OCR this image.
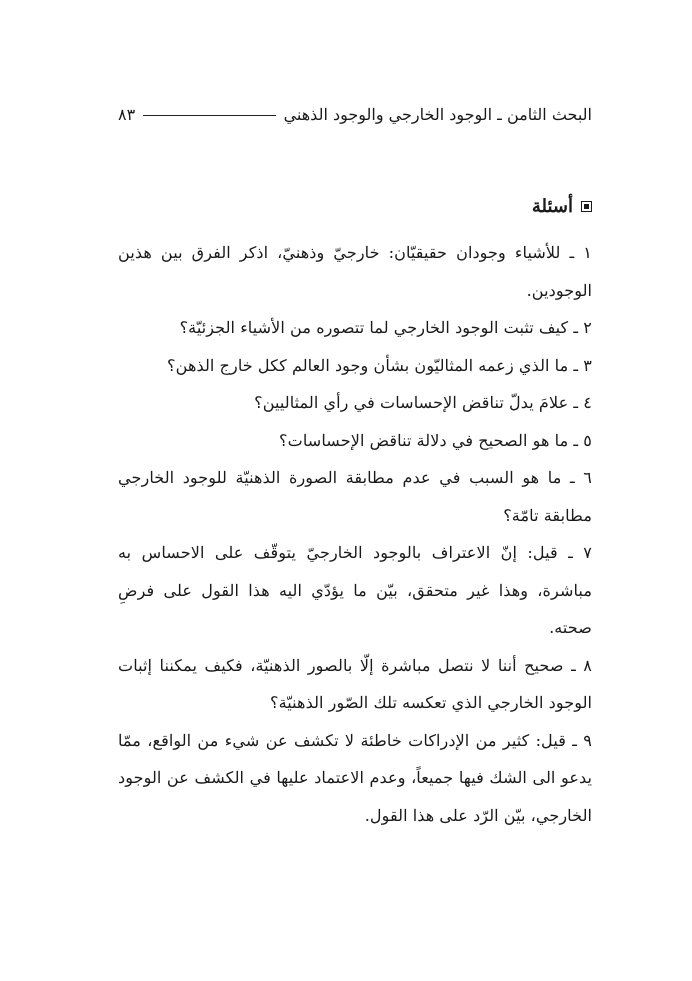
البحث الثامن ـ الوجود الخارجي والوجود الذهني
٨٣
أسئلة

١ ـ للأشياء وجودان حقيقيّان: خارجيّ وذهنيّ، اذكر الفرق بين هذين الوجودين.

٢ ـ كيف تثبت الوجود الخارجي لما تتصوره من الأشياء الجزئيّة؟

٣ ـ ما الذي زعمه المثاليّون بشأن وجود العالم ككل خارج الذهن؟

٤ ـ علامَ يدلّ تناقض الإحساسات في رأي المثاليين؟

٥ ـ ما هو الصحيح في دلالة تناقض الإحساسات؟

٦ ـ ما هو السبب في عدم مطابقة الصورة الذهنيّة للوجود الخارجي مطابقة تامّة؟

٧ ـ قيل: إنّ الاعتراف بالوجود الخارجيّ يتوقّف على الاحساس به مباشرة، وهذا غير متحقق، بيّن ما يؤدّي اليه هذا القول على فرضِ صحته.

٨ ـ صحيح أننا لا نتصل مباشرة إلّا بالصور الذهنيّة، فكيف يمكننا إثبات الوجود الخارجي الذي تعكسه تلك الصّور الذهنيّة؟

٩ ـ قيل: كثير من الإدراكات خاطئة لا تكشف عن شيء من الواقع، ممّا يدعو الى الشك فيها جميعاً، وعدم الاعتماد عليها في الكشف عن الوجود الخارجي، بيّن الرّد على هذا القول.
